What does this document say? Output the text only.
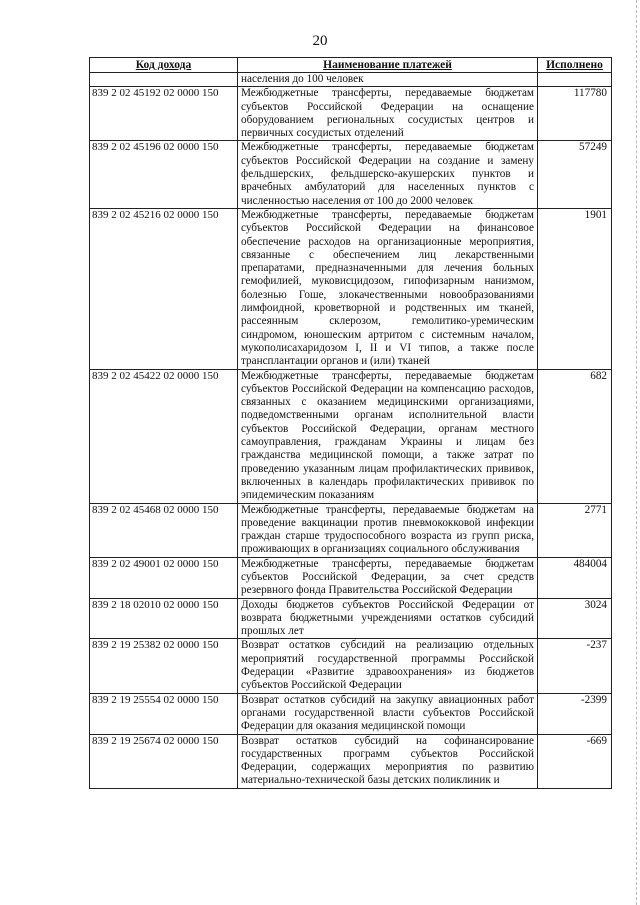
20
Код дохода	Наименование платежей	Исполнено
	населения до 100 человек	
839 2 02 45192 02 0000 150	Межбюджетные трансферты, передаваемые бюджетам субъектов Российской Федерации на оснащение оборудованием региональных сосудистых центров и первичных сосудистых отделений	117780
839 2 02 45196 02 0000 150	Межбюджетные трансферты, передаваемые бюджетам субъектов Российской Федерации на создание и замену фельдшерских, фельдшерско-акушерских пунктов и врачебных амбулаторий для населенных пунктов с численностью населения от 100 до 2000 человек	57249
839 2 02 45216 02 0000 150	Межбюджетные трансферты, передаваемые бюджетам субъектов Российской Федерации на финансовое обеспечение расходов на организационные мероприятия, связанные с обеспечением лиц лекарственными препаратами, предназначенными для лечения больных гемофилией, муковисцидозом, гипофизарным нанизмом, болезнью Гоше, злокачественными новообразованиями лимфоидной, кроветворной и родственных им тканей, рассеянным склерозом, гемолитико-уремическим синдромом, юношеским артритом с системным началом, мукополисахаридозом I, II и VI типов, а также после трансплантации органов и (или) тканей	1901
839 2 02 45422 02 0000 150	Межбюджетные трансферты, передаваемые бюджетам субъектов Российской Федерации на компенсацию расходов, связанных с оказанием медицинскими организациями, подведомственными органам исполнительной власти субъектов Российской Федерации, органам местного самоуправления, гражданам Украины и лицам без гражданства медицинской помощи, а также затрат по проведению указанным лицам профилактических прививок, включенных в календарь профилактических прививок по эпидемическим показаниям	682
839 2 02 45468 02 0000 150	Межбюджетные трансферты, передаваемые бюджетам на проведение вакцинации против пневмококковой инфекции граждан старше трудоспособного возраста из групп риска, проживающих в организациях социального обслуживания	2771
839 2 02 49001 02 0000 150	Межбюджетные трансферты, передаваемые бюджетам субъектов Российской Федерации, за счет средств резервного фонда Правительства Российской Федерации	484004
839 2 18 02010 02 0000 150	Доходы бюджетов субъектов Российской Федерации от возврата бюджетными учреждениями остатков субсидий прошлых лет	3024
839 2 19 25382 02 0000 150	Возврат остатков субсидий на реализацию отдельных мероприятий государственной программы Российской Федерации «Развитие здравоохранения» из бюджетов субъектов Российской Федерации	-237
839 2 19 25554 02 0000 150	Возврат остатков субсидий на закупку авиационных работ органами государственной власти субъектов Российской Федерации для оказания медицинской помощи	-2399
839 2 19 25674 02 0000 150	Возврат остатков субсидий на софинансирование государственных программ субъектов Российской Федерации, содержащих мероприятия по развитию материально-технической базы детских поликлиник и	-669
